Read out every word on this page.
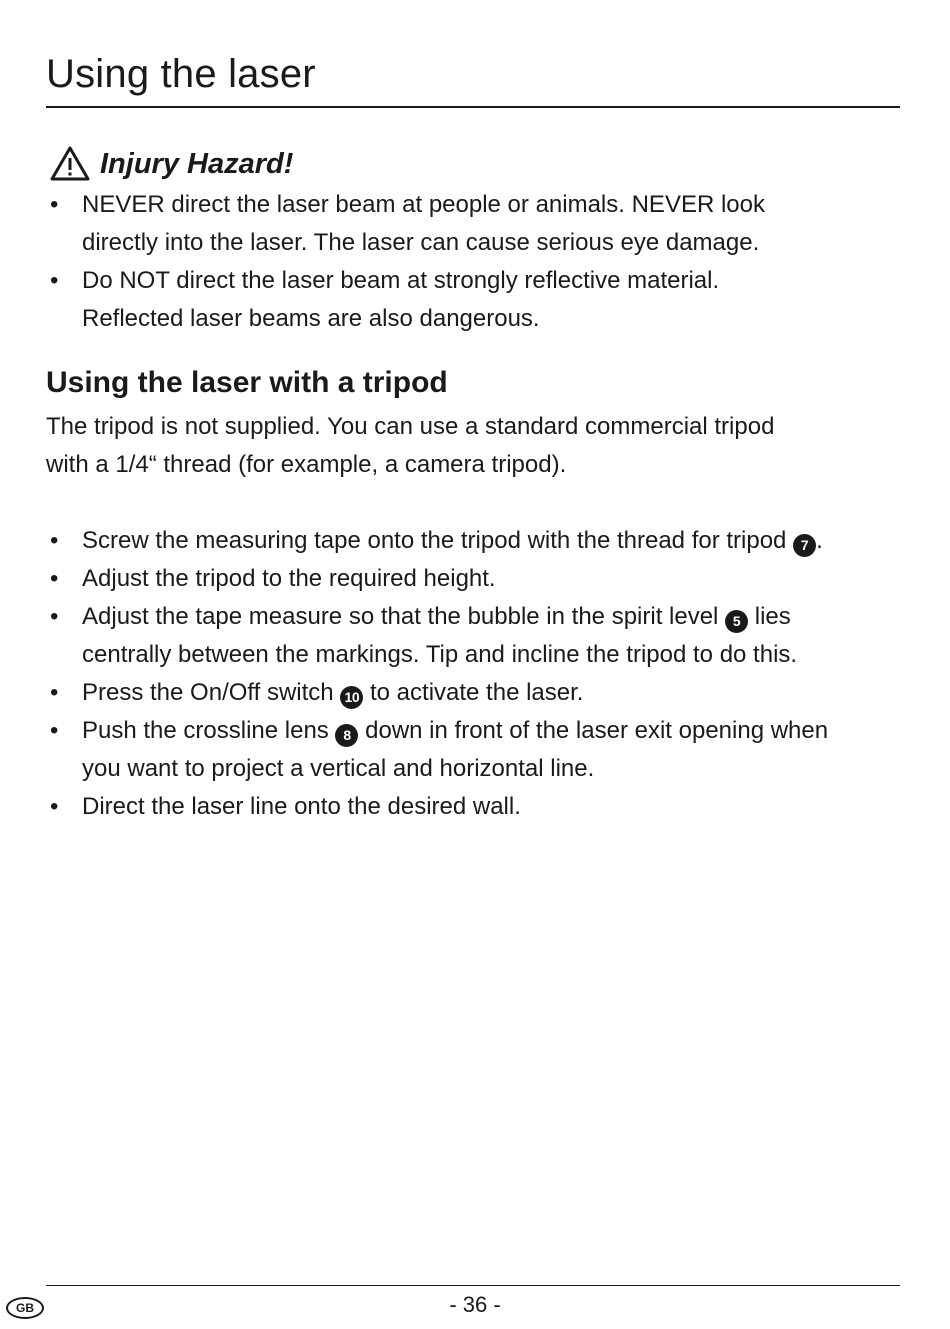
Using the laser
Injury Hazard!
• NEVER direct the laser beam at people or animals. NEVER look
directly into the laser. The laser can cause serious eye damage.
• Do NOT direct the laser beam at strongly reflective material.
Reflected laser beams are also dangerous.
Using the laser with a tripod

The tripod is not supplied. You can use a standard commercial tripod
with a 1/4“ thread (for example, a camera tripod).

• Screw the measuring tape onto the tripod with the thread for tripod 7 .
• Adjust the tripod to the required height.
• Adjust the tape measure so that the bubble in the spirit level 5 lies
centrally between the markings. Tip and incline the tripod to do this.
• Press the On/Off switch 10 to activate the laser.
• Push the crossline lens 8 down in front of the laser exit opening when
you want to project a vertical and horizontal line.
• Direct the laser line onto the desired wall.
GB	- 36 -
